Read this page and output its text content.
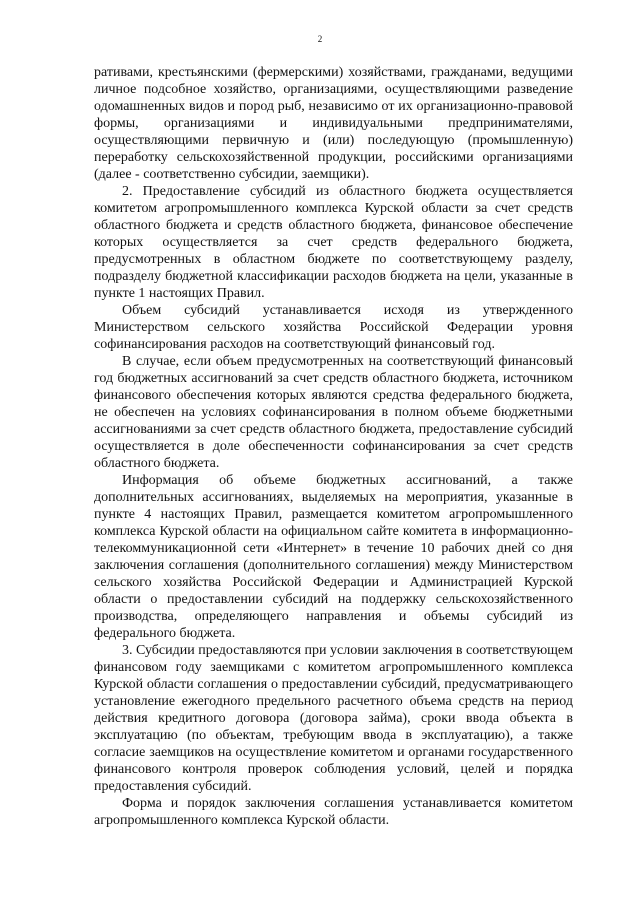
2

ративами, крестьянскими (фермерскими) хозяйствами, гражданами, ведущими личное подсобное хозяйство, организациями, осуществляющими разведение одомашненных видов и пород рыб, независимо от их организационно-правовой формы, организациями и индивидуальными предпринимателями, осуществляющими первичную и (или) последующую (промышленную) переработку сельскохозяйственной продукции, российскими организациями (далее - соответственно субсидии, заемщики).

2. Предоставление субсидий из областного бюджета осуществляется комитетом агропромышленного комплекса Курской области за счет средств областного бюджета и средств областного бюджета, финансовое обеспечение которых осуществляется за счет средств федерального бюджета, предусмотренных в областном бюджете по соответствующему разделу, подразделу бюджетной классификации расходов бюджета на цели, указанные в пункте 1 настоящих Правил.

Объем субсидий устанавливается исходя из утвержденного Министерством сельского хозяйства Российской Федерации уровня софинансирования расходов на соответствующий финансовый год.

В случае, если объем предусмотренных на соответствующий финансовый год бюджетных ассигнований за счет средств областного бюджета, источником финансового обеспечения которых являются средства федерального бюджета, не обеспечен на условиях софинансирования в полном объеме бюджетными ассигнованиями за счет средств областного бюджета, предоставление субсидий осуществляется в доле обеспеченности софинансирования за счет средств областного бюджета.

Информация об объеме бюджетных ассигнований, а также дополнительных ассигнованиях, выделяемых на мероприятия, указанные в пункте 4 настоящих Правил, размещается комитетом агропромышленного комплекса Курской области на официальном сайте комитета в информационно-телекоммуникационной сети «Интернет» в течение 10 рабочих дней со дня заключения соглашения (дополнительного соглашения) между Министерством сельского хозяйства Российской Федерации и Администрацией Курской области о предоставлении субсидий на поддержку сельскохозяйственного производства, определяющего направления и объемы субсидий из федерального бюджета.

3. Субсидии предоставляются при условии заключения в соответствующем финансовом году заемщиками с комитетом агропромышленного комплекса Курской области соглашения о предоставлении субсидий, предусматривающего установление ежегодного предельного расчетного объема средств на период действия кредитного договора (договора займа), сроки ввода объекта в эксплуатацию (по объектам, требующим ввода в эксплуатацию), а также согласие заемщиков на осуществление комитетом и органами государственного финансового контроля проверок соблюдения условий, целей и порядка предоставления субсидий.

Форма и порядок заключения соглашения устанавливается комитетом агропромышленного комплекса Курской области.
